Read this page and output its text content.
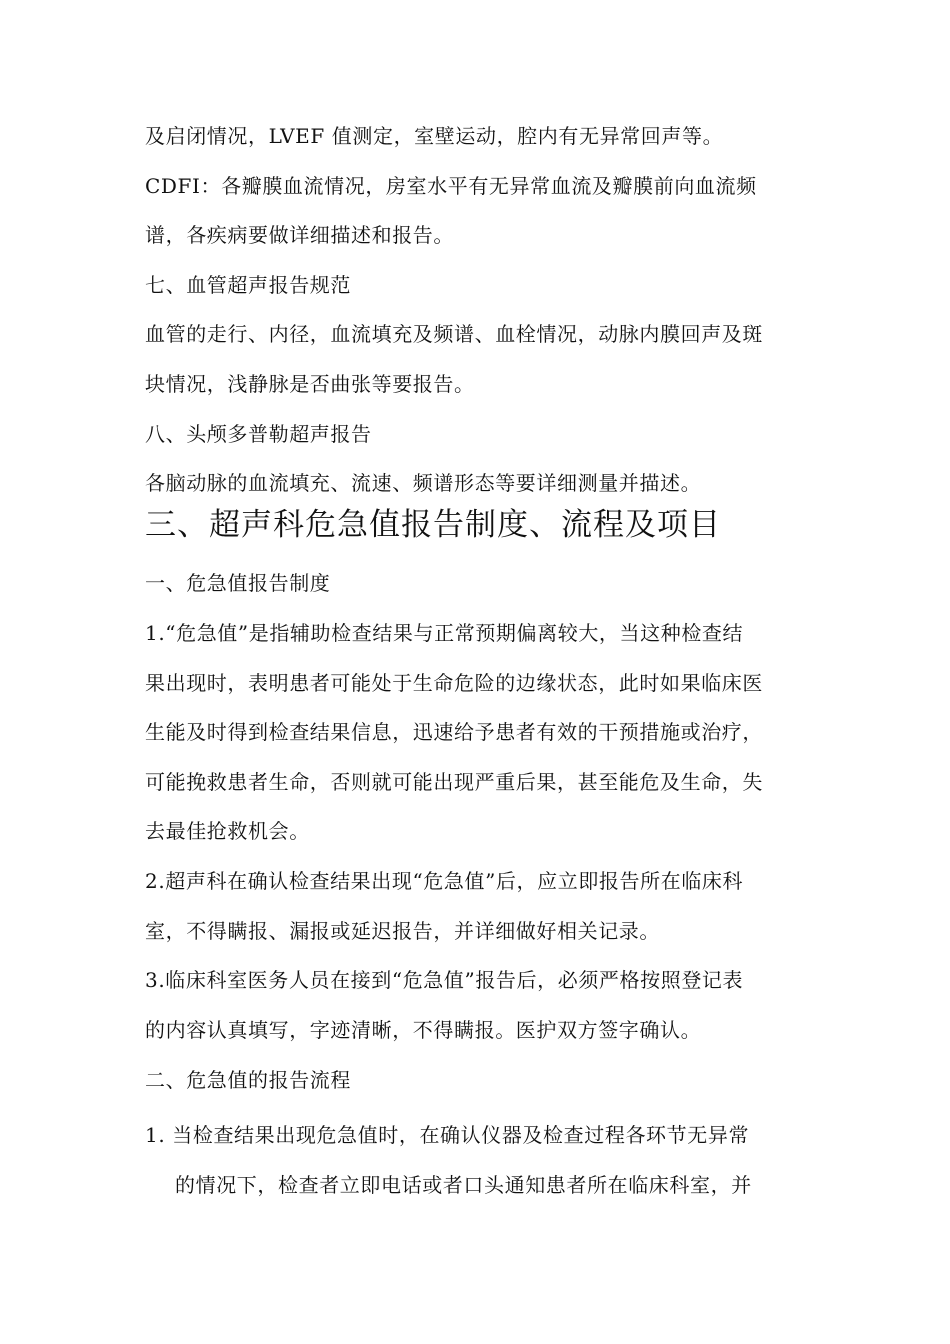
及启闭情况，LVEF 值测定，室壁运动，腔内有无异常回声等。
CDFI：各瓣膜血流情况，房室水平有无异常血流及瓣膜前向血流频
谱，各疾病要做详细描述和报告。
七、血管超声报告规范
血管的走行、内径，血流填充及频谱、血栓情况，动脉内膜回声及斑
块情况，浅静脉是否曲张等要报告。
八、头颅多普勒超声报告
各脑动脉的血流填充、流速、频谱形态等要详细测量并描述。
三、超声科危急值报告制度、流程及项目
一、危急值报告制度
1.“危急值”是指辅助检查结果与正常预期偏离较大，当这种检查结
果出现时，表明患者可能处于生命危险的边缘状态，此时如果临床医
生能及时得到检查结果信息，迅速给予患者有效的干预措施或治疗，
可能挽救患者生命，否则就可能出现严重后果，甚至能危及生命，失
去最佳抢救机会。
2.超声科在确认检查结果出现“危急值”后，应立即报告所在临床科
室，不得瞒报、漏报或延迟报告，并详细做好相关记录。
3.临床科室医务人员在接到“危急值”报告后，必须严格按照登记表
的内容认真填写，字迹清晰，不得瞒报。医护双方签字确认。
二、危急值的报告流程
1. 当检查结果出现危急值时，在确认仪器及检查过程各环节无异常
的情况下，检查者立即电话或者口头通知患者所在临床科室，并
